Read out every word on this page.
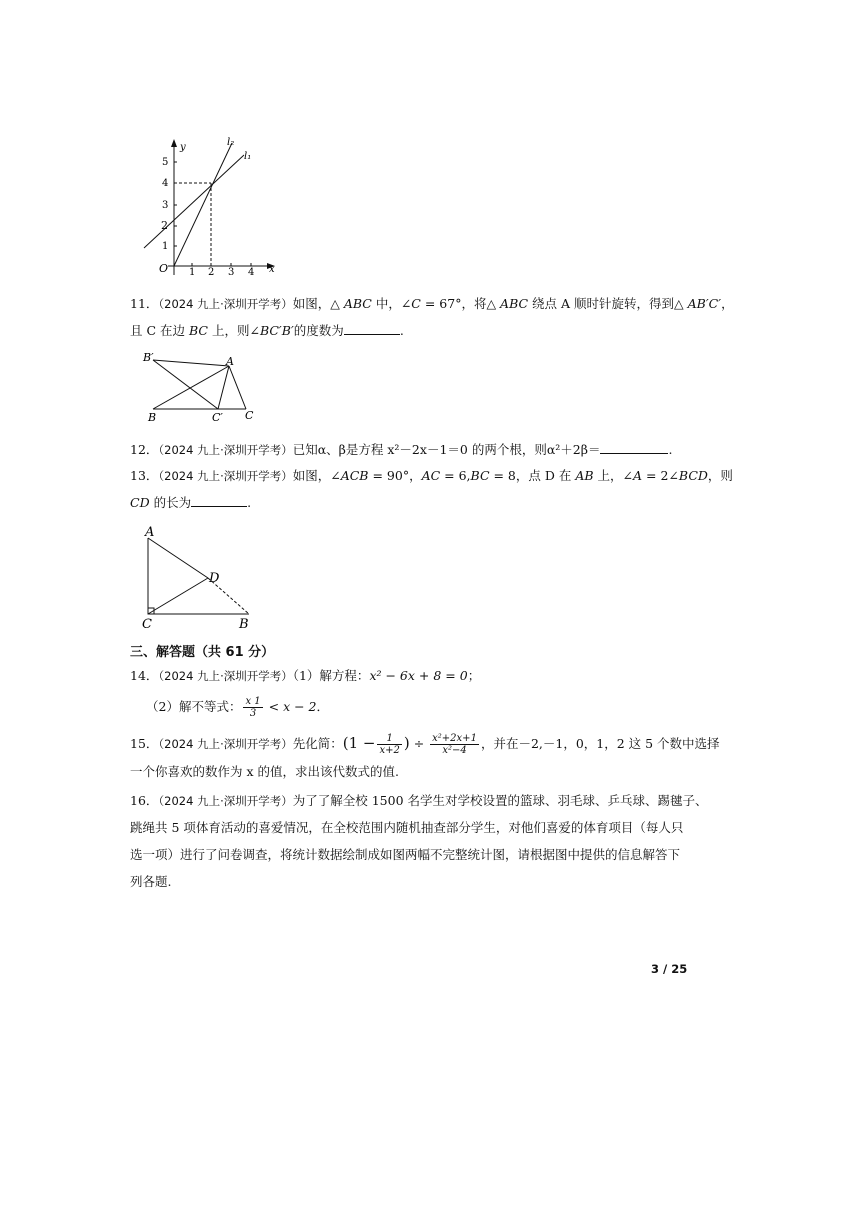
y
x
O
1
2
3
4
5
1 2 3 4
l₂
l₁
11．（2024 九上·深圳开学考）如图，△ ABC 中，∠C = 67°，将△ ABC 绕点 A 顺时针旋转，得到△ AB′C′，
且 C 在边 BC 上，则∠BC′B′的度数为	.
B′	A
B	C′ C
12．（2024 九上·深圳开学考）已知α、β是方程 x²－2x－1＝0 的两个根，则α²＋2β＝	.
13．（2024 九上·深圳开学考）如图，∠ACB = 90°，AC = 6,BC = 8，点 D 在 AB 上，∠A = 2∠BCD，则
CD 的长为	.
A
D
C	B
三、解答题（共 61 分）
14．（2024 九上·深圳开学考）（1）解方程：x² − 6x + 8 = 0；
（2）解不等式： $\frac{x 1}{3} < x - 2$．
15．（2024 九上·深圳开学考）先化简：($1 - \frac{1}{x+2}$ ) ÷ $\frac{\text{x²+2x+1}}{\text{x²−4}}$ ，并在－2,－1，0，1，2 这 5 个数中选择
一个你喜欢的数作为 x 的值，求出该代数式的值.
16．（2024 九上·深圳开学考）为了了解全校 1500 名学生对学校设置的篮球、羽毛球、乒乓球、踢毽子、
跳绳共 5 项体育活动的喜爱情况，在全校范围内随机抽查部分学生，对他们喜爱的体育项目（每人只
选一项）进行了问卷调查，将统计数据绘制成如图两幅不完整统计图，请根据图中提供的信息解答下
列各题.
3 / 25
